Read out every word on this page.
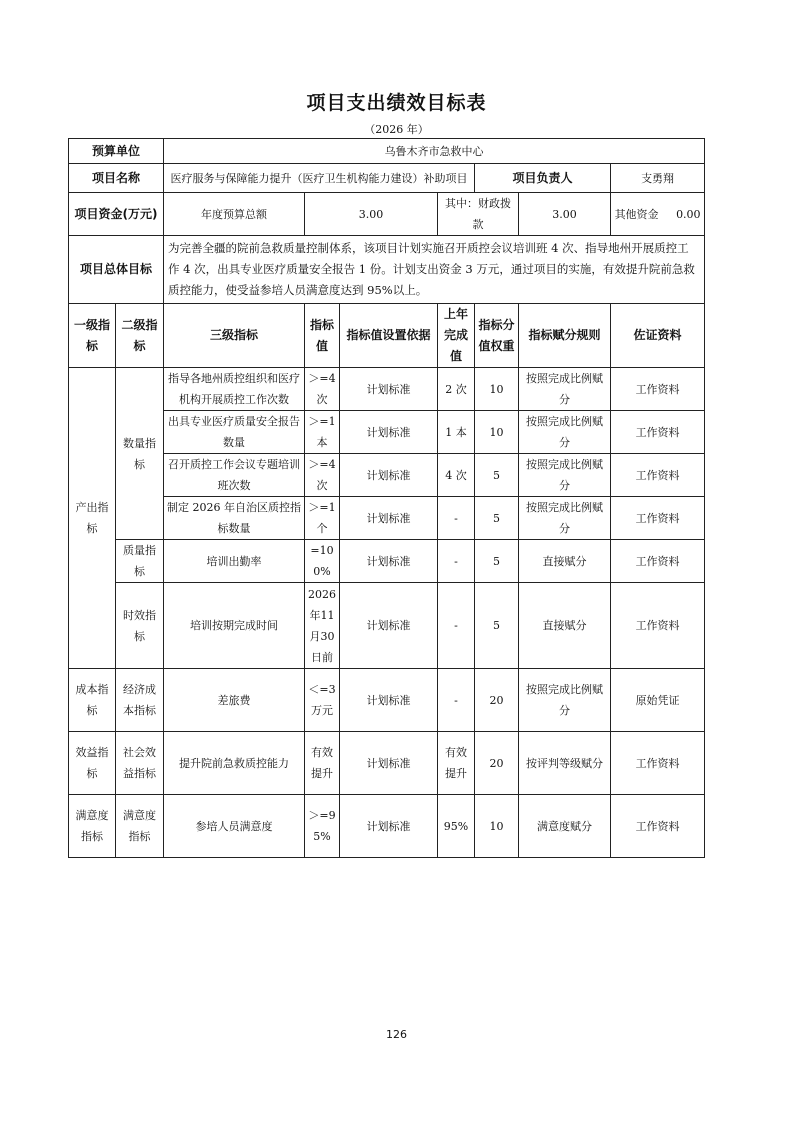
项目支出绩效目标表
（2026 年）
预算单位		乌鲁木齐市急救中心						
项目名称		医疗服务与保障能力提升（医疗卫生机构能力建设）补助项目				项目负责人		支勇翔
项目资金(万元)		年度预算总额	3.00		其中：财政拨款		3.00	其他资金 0.00
项目总体目标		为完善全疆的院前急救质量控制体系，该项目计划实施召开质控会议培训班 4 次、指导地州开展质控工作 4 次，出具专业医疗质量安全报告 1 份。计划支出资金 3 万元，通过项目的实施，有效提升院前急救质控能力，使受益参培人员满意度达到 95%以上。						
一级指标	二级指标	三级指标	指标值	指标值设置依据	上年完成值	指标分值权重	指标赋分规则	佐证资料
产出指标	数量指标	指导各地州质控组织和医疗机构开展质控工作次数	＞=4次	计划标准	2 次	10	按照完成比例赋分	工作资料
		出具专业医疗质量安全报告数量	＞=1本	计划标准	1 本	10	按照完成比例赋分	工作资料
		召开质控工作会议专题培训班次数	＞=4次	计划标准	4 次	5	按照完成比例赋分	工作资料
		制定 2026 年自治区质控指标数量	＞=1个	计划标准	-	5	按照完成比例赋分	工作资料
	质量指标	培训出勤率	=100%	计划标准	-	5	直接赋分	工作资料
	时效指标	培训按期完成时间	2026年11月30日前	计划标准	-	5	直接赋分	工作资料
成本指标	经济成本指标	差旅费	＜=3万元	计划标准	-	20	按照完成比例赋分	原始凭证
效益指标	社会效益指标	提升院前急救质控能力	有效提升	计划标准	有效提升	20	按评判等级赋分	工作资料
满意度指标	满意度指标	参培人员满意度	＞=95%	计划标准	95%	10	满意度赋分	工作资料
126
